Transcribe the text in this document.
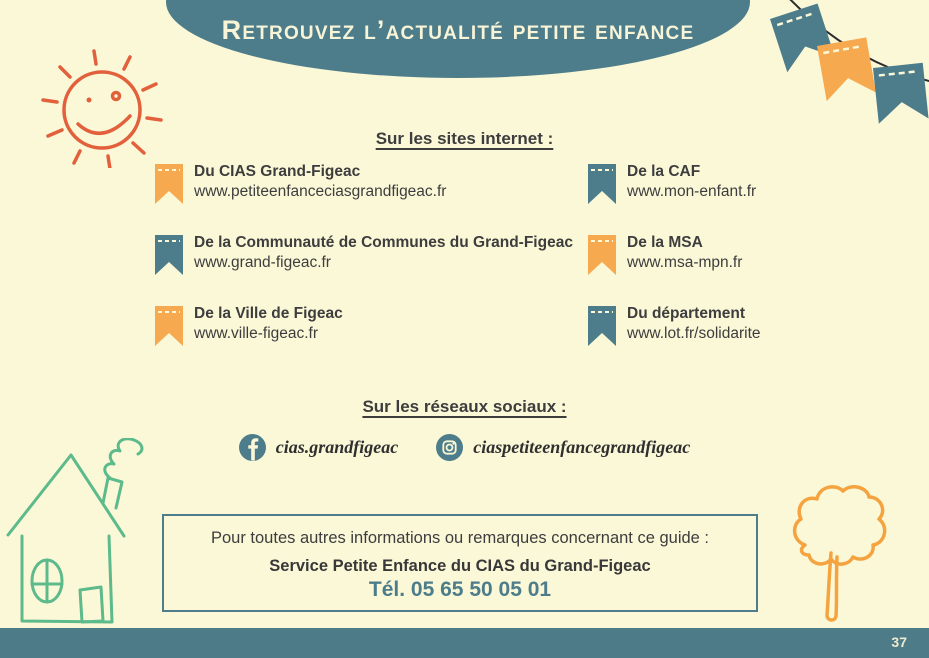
Retrouvez l’actualité petite enfance
Sur les sites internet :
Du CIAS Grand-Figeac
www.petiteenfanceciasgrandfigeac.fr
De la CAF
www.mon-enfant.fr
De la Communauté de Communes du Grand-Figeac
www.grand-figeac.fr
De la MSA
www.msa-mpn.fr
De la Ville de Figeac
www.ville-figeac.fr
Du département
www.lot.fr/solidarite
Sur les réseaux sociaux :
cias.grandfigeac	ciaspetiteenfancegrandfigeac
Pour toutes autres informations ou remarques concernant ce guide :
Service Petite Enfance du CIAS du Grand-Figeac
Tél. 05 65 50 05 01
37
